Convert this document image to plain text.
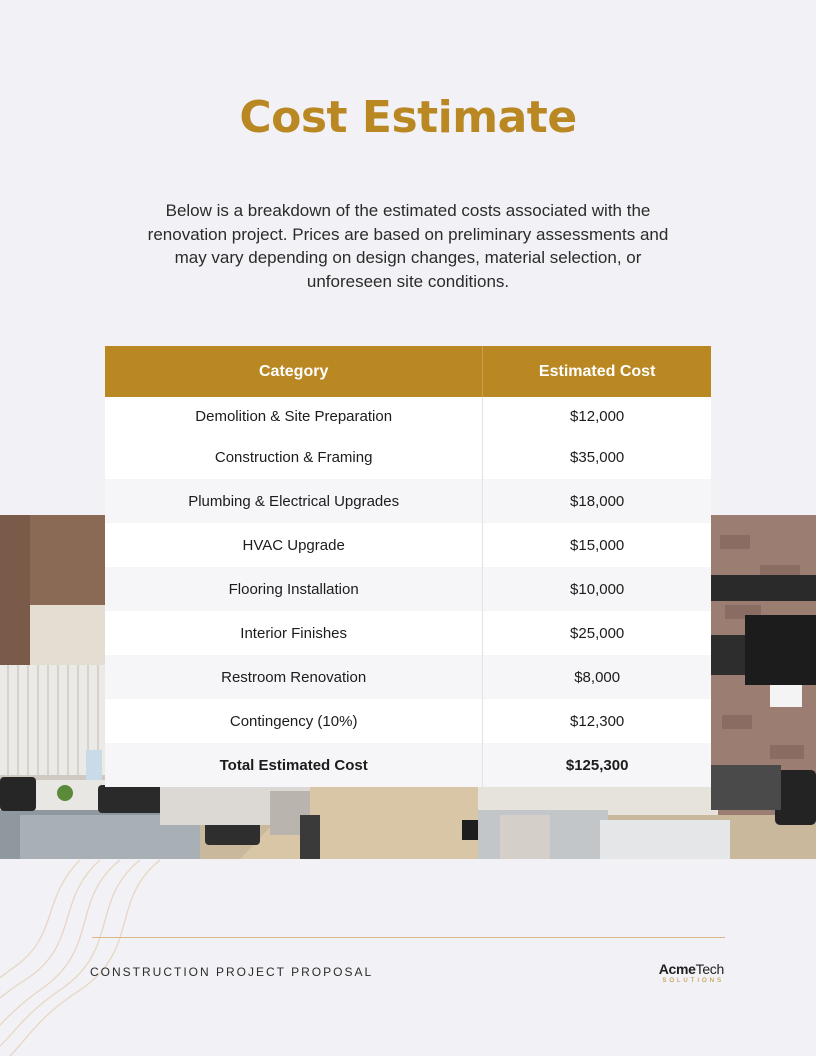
Cost Estimate

Below is a breakdown of the estimated costs associated with the renovation project. Prices are based on preliminary assessments and may vary depending on design changes, material selection, or unforeseen site conditions.

Category	Estimated Cost
Demolition & Site Preparation	$12,000
Construction & Framing	$35,000
Plumbing & Electrical Upgrades	$18,000
HVAC Upgrade	$15,000
Flooring Installation	$10,000
Interior Finishes	$25,000
Restroom Renovation	$8,000
Contingency (10%)	$12,300
Total Estimated Cost	$125,300
CONSTRUCTION PROJECT PROPOSAL	AcmeTech
SOLUTIONS
